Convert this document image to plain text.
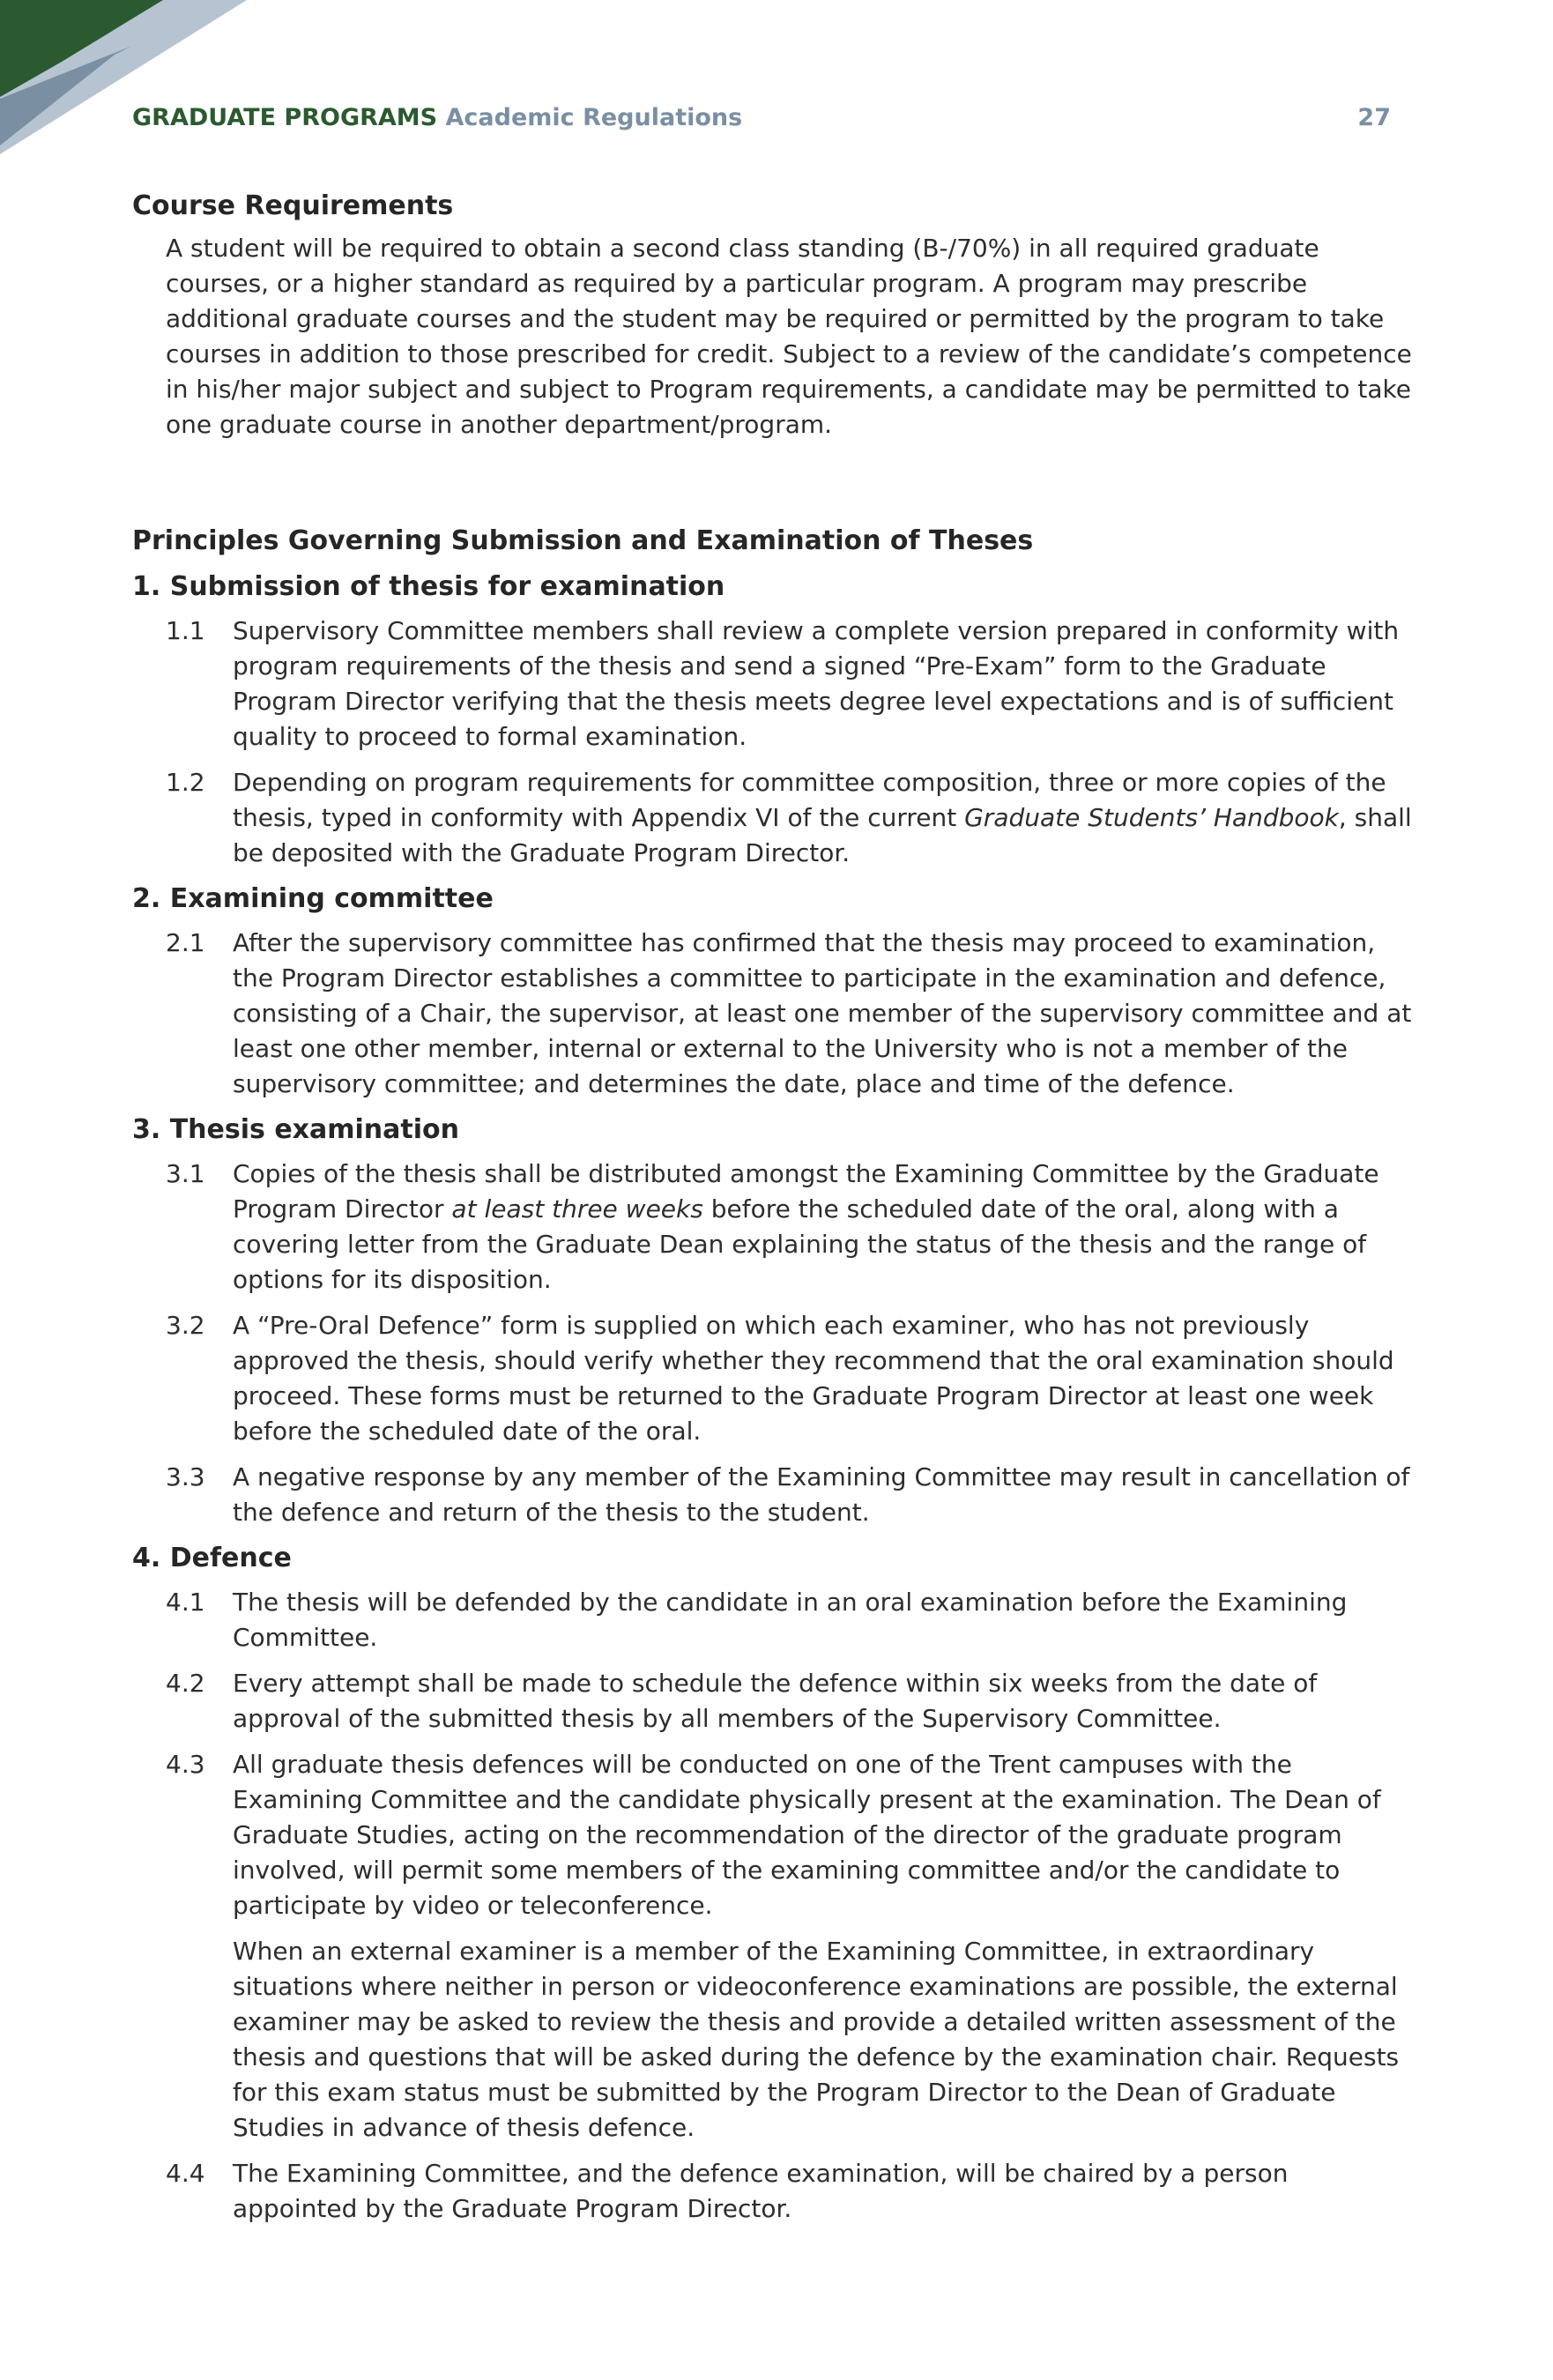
GRADUATE PROGRAMS Academic Regulations	27
Course Requirements

A student will be required to obtain a second class standing (B-/70%) in all required graduate courses, or a higher standard as required by a particular program. A program may prescribe additional graduate courses and the student may be required or permitted by the program to take courses in addition to those prescribed for credit. Subject to a review of the candidate’s competence in his/her major subject and subject to Program requirements, a candidate may be permitted to take one graduate course in another department/program.

Principles Governing Submission and Examination of Theses
1. Submission of thesis for examination
1.1	Supervisory Committee members shall review a complete version prepared in conformity with program requirements of the thesis and send a signed “Pre-Exam” form to the Graduate Program Director verifying that the thesis meets degree level expectations and is of sufficient quality to proceed to formal examination.

1.2	Depending on program requirements for committee composition, three or more copies of the thesis, typed in conformity with Appendix VI of the current Graduate Students’ Handbook, shall be deposited with the Graduate Program Director.

2. Examining committee
2.1	After the supervisory committee has confirmed that the thesis may proceed to examination, the Program Director establishes a committee to participate in the examination and defence, consisting of a Chair, the supervisor, at least one member of the supervisory committee and at least one other member, internal or external to the University who is not a member of the supervisory committee; and determines the date, place and time of the defence.

3. Thesis examination
3.1	Copies of the thesis shall be distributed amongst the Examining Committee by the Graduate Program Director at least three weeks before the scheduled date of the oral, along with a covering letter from the Graduate Dean explaining the status of the thesis and the range of options for its disposition.

3.2	A “Pre-Oral Defence” form is supplied on which each examiner, who has not previously approved the thesis, should verify whether they recommend that the oral examination should proceed. These forms must be returned to the Graduate Program Director at least one week before the scheduled date of the oral.

3.3	A negative response by any member of the Examining Committee may result in cancellation of the defence and return of the thesis to the student.

4. Defence
4.1	The thesis will be defended by the candidate in an oral examination before the Examining Committee.

4.2	Every attempt shall be made to schedule the defence within six weeks from the date of approval of the submitted thesis by all members of the Supervisory Committee.

4.3	All graduate thesis defences will be conducted on one of the Trent campuses with the Examining Committee and the candidate physically present at the examination. The Dean of Graduate Studies, acting on the recommendation of the director of the graduate program involved, will permit some members of the examining committee and/or the candidate to participate by video or teleconference.

When an external examiner is a member of the Examining Committee, in extraordinary situations where neither in person or videoconference examinations are possible, the external examiner may be asked to review the thesis and provide a detailed written assessment of the thesis and questions that will be asked during the defence by the examination chair. Requests for this exam status must be submitted by the Program Director to the Dean of Graduate Studies in advance of thesis defence.

4.4	The Examining Committee, and the defence examination, will be chaired by a person appointed by the Graduate Program Director.
